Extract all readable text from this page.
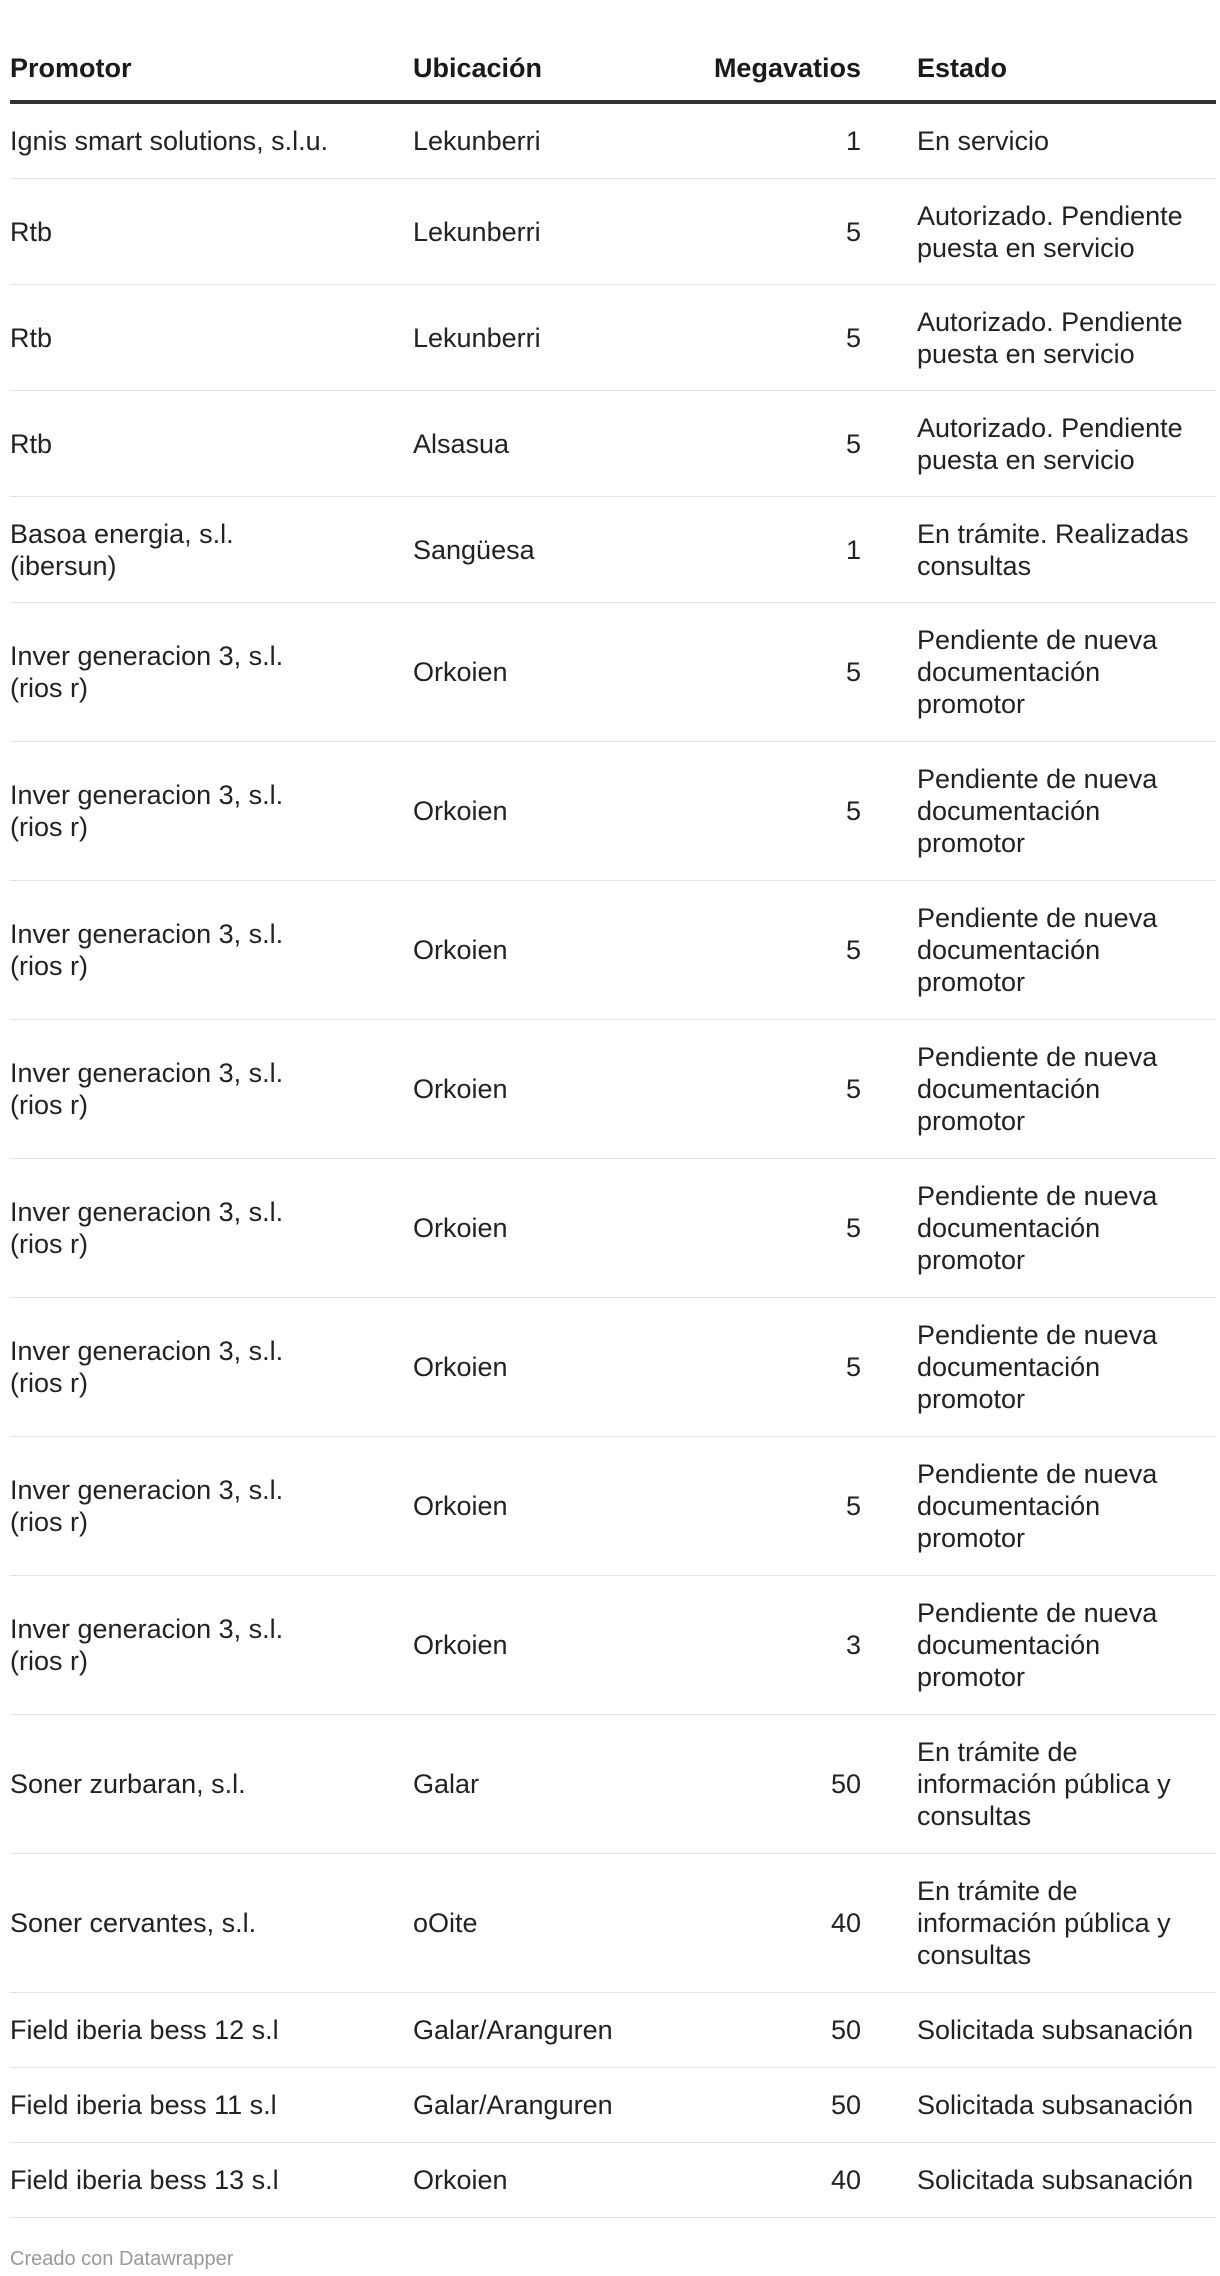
Promotor	Ubicación	Megavatios	Estado
Ignis smart solutions, s.l.u.	Lekunberri	1	En servicio
Rtb	Lekunberri	5	Autorizado. Pendiente
puesta en servicio
Rtb	Lekunberri	5	Autorizado. Pendiente
puesta en servicio
Rtb	Alsasua	5	Autorizado. Pendiente
puesta en servicio
Basoa energia, s.l.
(ibersun)	Sangüesa	1	En trámite. Realizadas
consultas
Inver generacion 3, s.l.
(rios r)	Orkoien	5	Pendiente de nueva
documentación
promotor
Inver generacion 3, s.l.
(rios r)	Orkoien	5	Pendiente de nueva
documentación
promotor
Inver generacion 3, s.l.
(rios r)	Orkoien	5	Pendiente de nueva
documentación
promotor
Inver generacion 3, s.l.
(rios r)	Orkoien	5	Pendiente de nueva
documentación
promotor
Inver generacion 3, s.l.
(rios r)	Orkoien	5	Pendiente de nueva
documentación
promotor
Inver generacion 3, s.l.
(rios r)	Orkoien	5	Pendiente de nueva
documentación
promotor
Inver generacion 3, s.l.
(rios r)	Orkoien	5	Pendiente de nueva
documentación
promotor
Inver generacion 3, s.l.
(rios r)	Orkoien	3	Pendiente de nueva
documentación
promotor
Soner zurbaran, s.l.	Galar	50	En trámite de
información pública y
consultas
Soner cervantes, s.l.	oOite	40	En trámite de
información pública y
consultas
Field iberia bess 12 s.l	Galar/Aranguren	50	Solicitada subsanación
Field iberia bess 11 s.l	Galar/Aranguren	50	Solicitada subsanación
Field iberia bess 13 s.l	Orkoien	40	Solicitada subsanación
Creado con Datawrapper
